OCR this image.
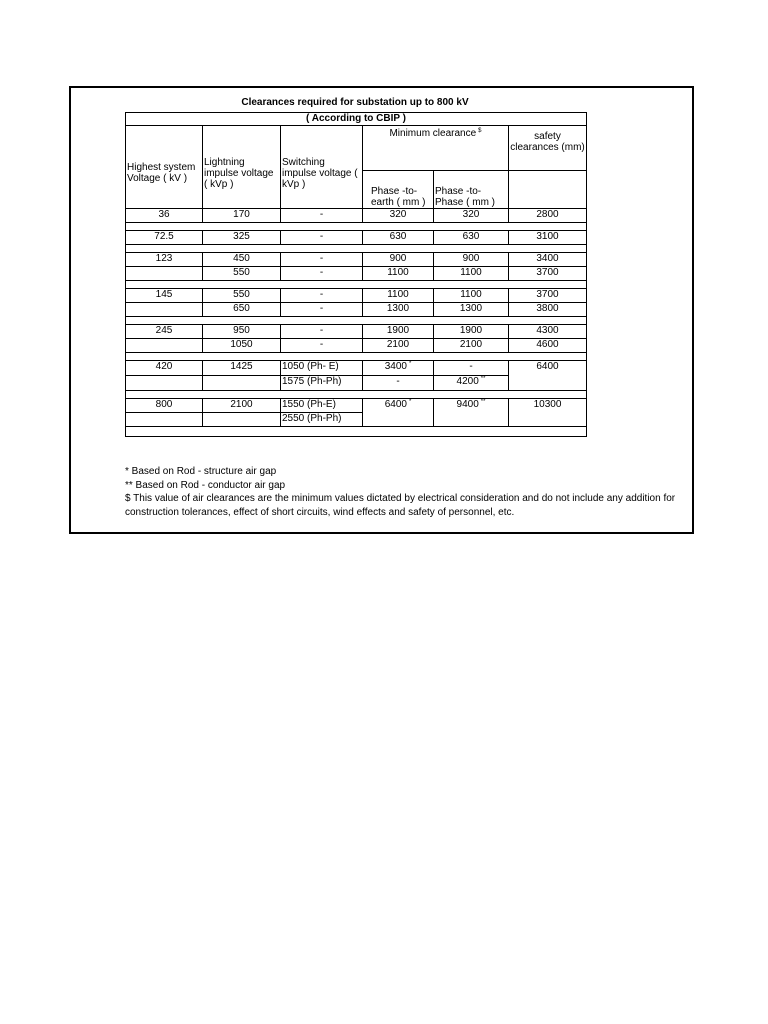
Clearances required for substation up to 800 kV
( According to CBIP )					
Highest system Voltage ( kV )	Lightning impulse voltage ( kVp )	Switching impulse voltage ( kVp )	Minimum clearance $		safety clearances (mm)
			Phase -to- earth ( mm )	Phase -to- Phase ( mm )	
36	170	-	320	320	2800

72.5	325	-	630	630	3100

123	450	-	900	900	3400
	550	-	1100	1100	3700

145	550	-	1100	1100	3700
	650	-	1300	1300	3800

245	950	-	1900	1900	4300
	1050	-	2100	2100	4600

420	1425	1050 (Ph- E)	3400 *	-	6400
		1575 (Ph-Ph)	-	4200 **

800	2100	1550 (Ph-E)	6400 *	9400 **	10300
		2550 (Ph-Ph)			

* Based on Rod - structure air gap
** Based on Rod - conductor air gap
$ This value of air clearances are the minimum values dictated by electrical consideration and do not include any addition for construction tolerances, effect of short circuits, wind effects and safety of personnel, etc.
